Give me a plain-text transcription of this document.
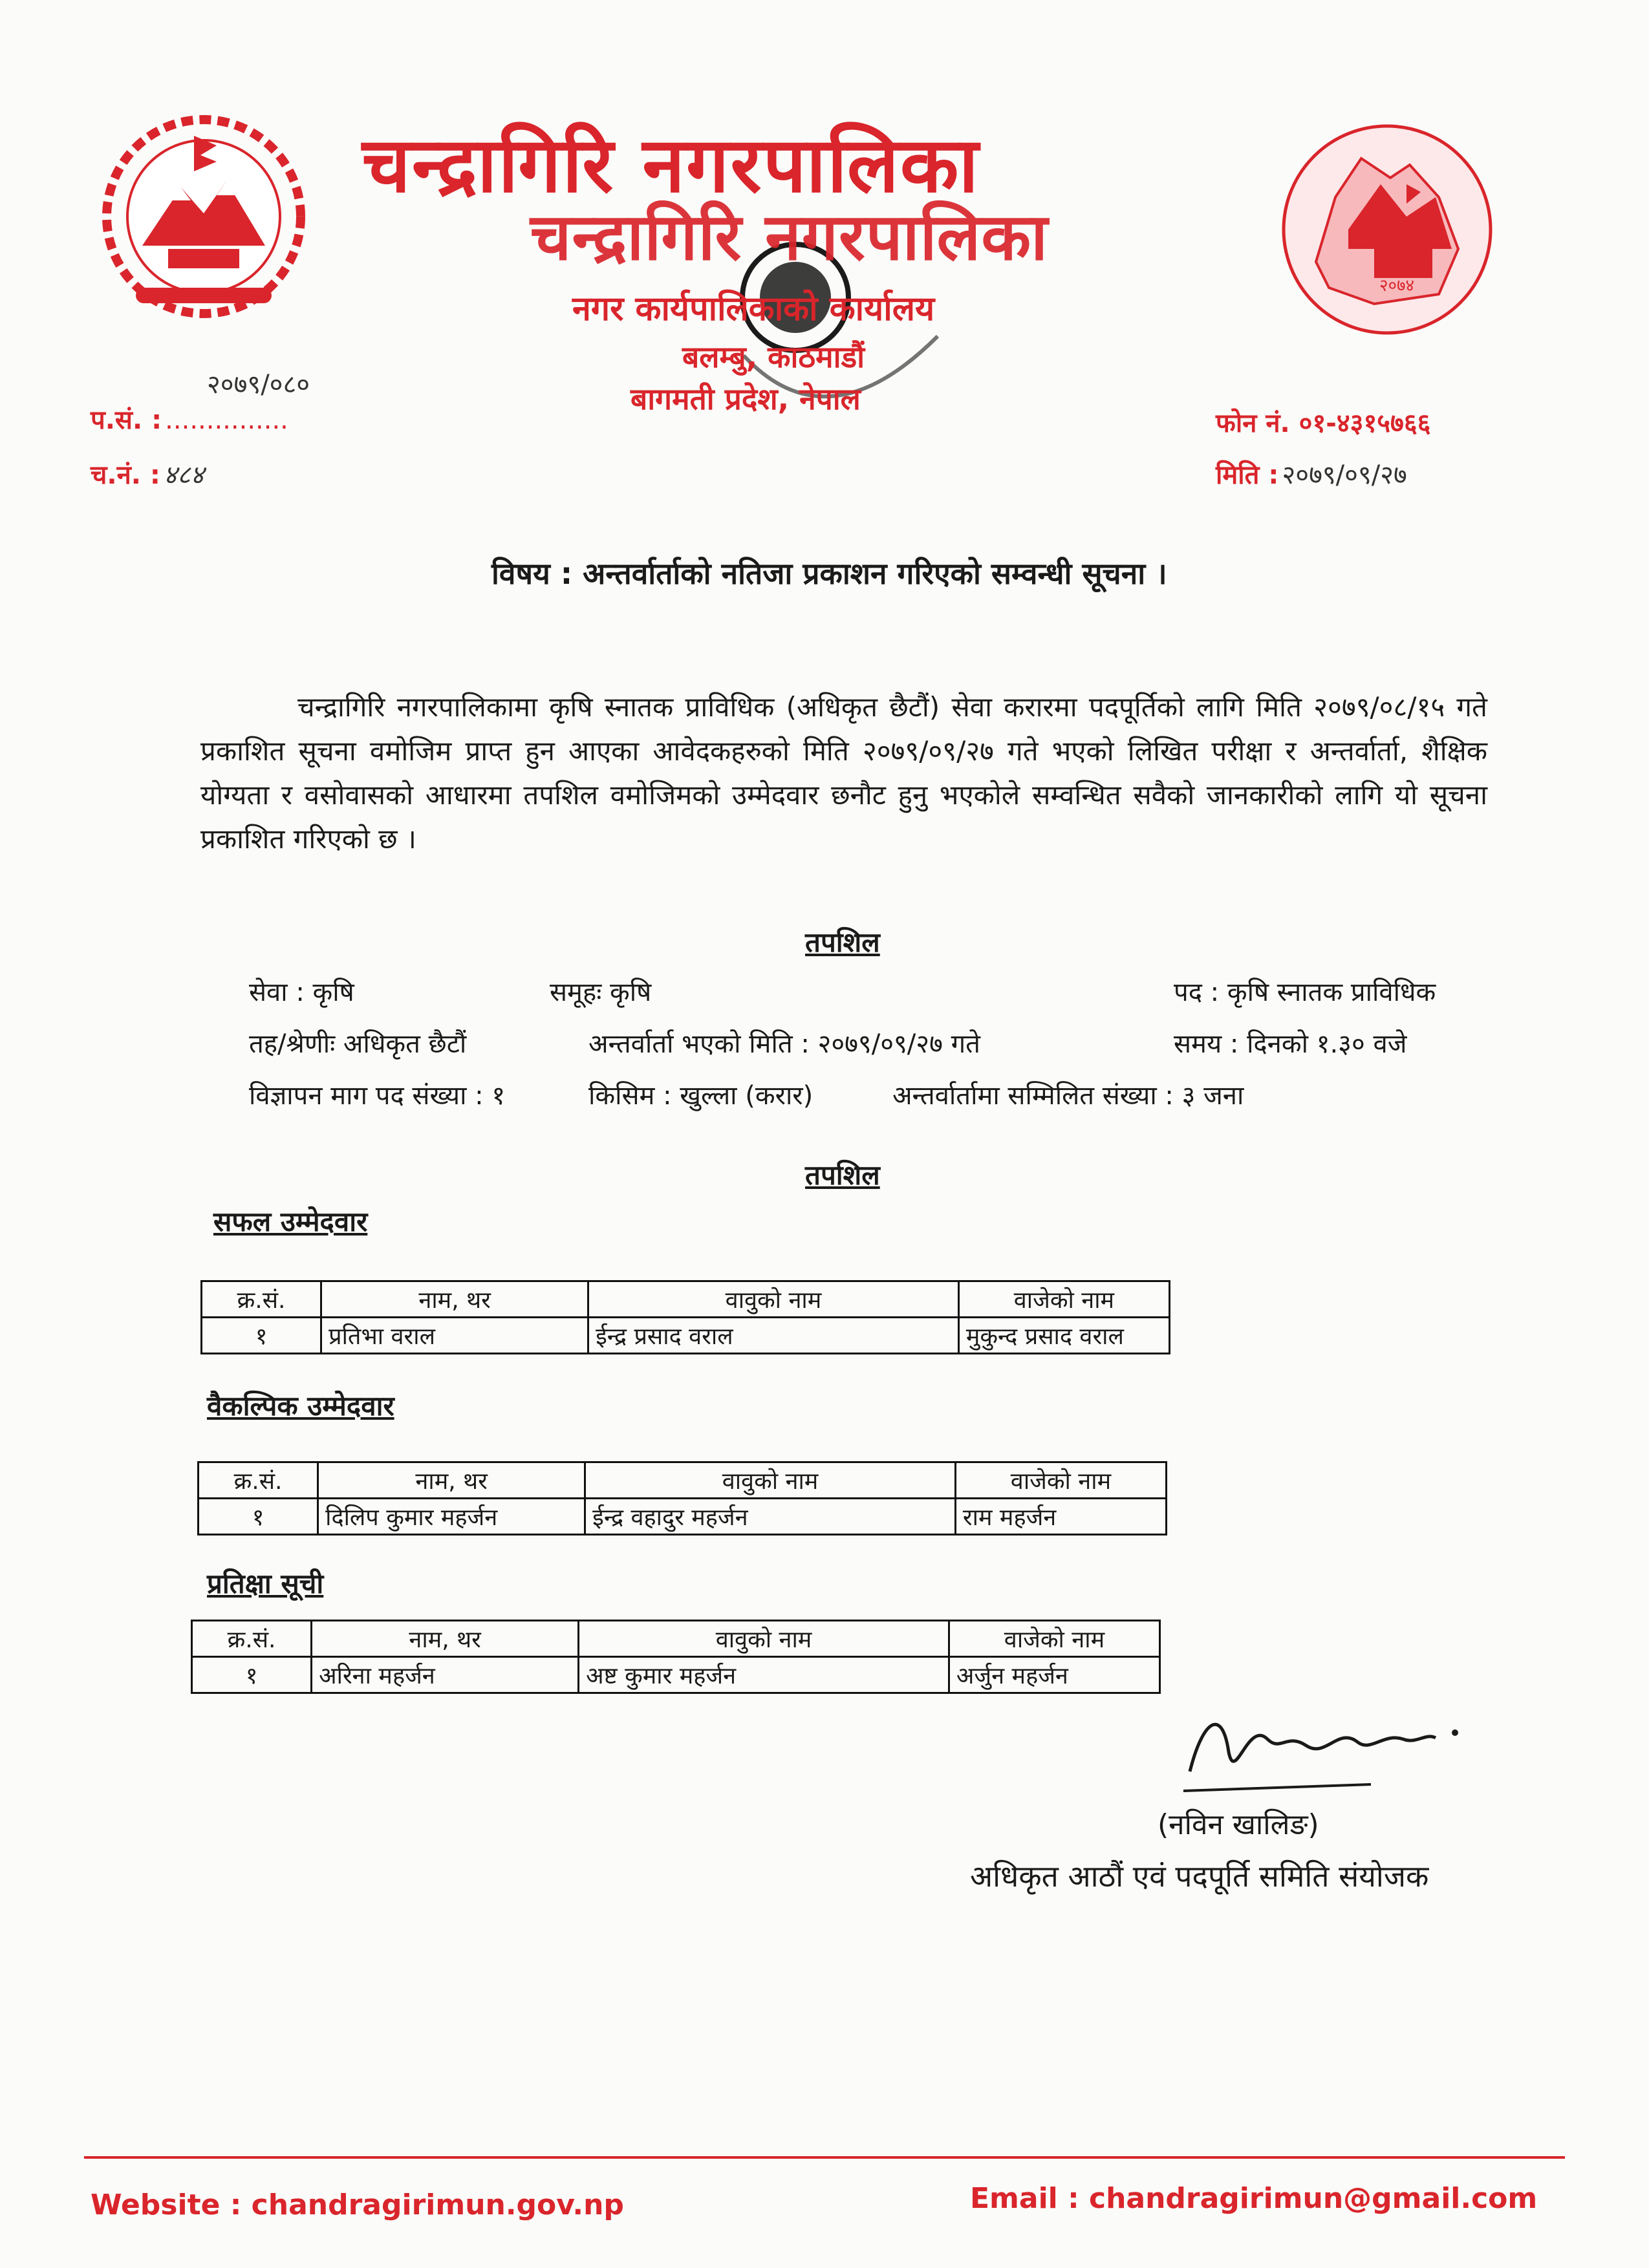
२०७४
चन्द्रागिरि नगरपालिका
चन्द्रागिरि नगरपालिका
नगर कार्यपालिकाको कार्यालय
बलम्बु, काठमाडौं
बागमती प्रदेश, नेपाल
२०७९/०८०
प.सं. : ...............
च.नं. : ४८४
फोन नं. ०१-४३१५७६६
मिति : २०७९/०९/२७
विषय : अन्तर्वार्ताको नतिजा प्रकाशन गरिएको सम्वन्धी सूचना ।
चन्द्रागिरि नगरपालिकामा कृषि स्नातक प्राविधिक (अधिकृत छैटौं) सेवा करारमा पदपूर्तिको लागि मिति २०७९/०८/१५ गते प्रकाशित सूचना वमोजिम प्राप्त हुन आएका आवेदकहरुको मिति २०७९/०९/२७ गते भएको लिखित परीक्षा र अन्तर्वार्ता, शैक्षिक योग्यता र वसोवासको आधारमा तपशिल वमोजिमको उम्मेदवार छनौट हुनु भएकोले सम्वन्धित सवैको जानकारीको लागि यो सूचना प्रकाशित गरिएको छ ।
तपशिल
सेवा : कृषि	समूहः कृषि	पद : कृषि स्नातक प्राविधिक
तह/श्रेणीः अधिकृत छैटौं	अन्तर्वार्ता भएको मिति : २०७९/०९/२७ गते	समय : दिनको १.३० वजे
विज्ञापन माग पद संख्या : १	किसिम : खुल्ला (करार)	अन्तर्वार्तामा सम्मिलित संख्या : ३ जना
तपशिल
सफल उम्मेदवार
क्र.सं.	नाम, थर	वावुको नाम	वाजेको नाम
१	प्रतिभा वराल	ईन्द्र प्रसाद वराल	मुकुन्द प्रसाद वराल
वैकल्पिक उम्मेदवार
क्र.सं.	नाम, थर	वावुको नाम	वाजेको नाम
१	दिलिप कुमार महर्जन	ईन्द्र वहादुर महर्जन	राम महर्जन
प्रतिक्षा सूची
क्र.सं.	नाम, थर	वावुको नाम	वाजेको नाम
१	अरिना महर्जन	अष्ट कुमार महर्जन	अर्जुन महर्जन
(नविन खालिङ)
अधिकृत आठौं एवं पदपूर्ति समिति संयोजक
Website : chandragirimun.gov.np	Email : chandragirimun@gmail.com
